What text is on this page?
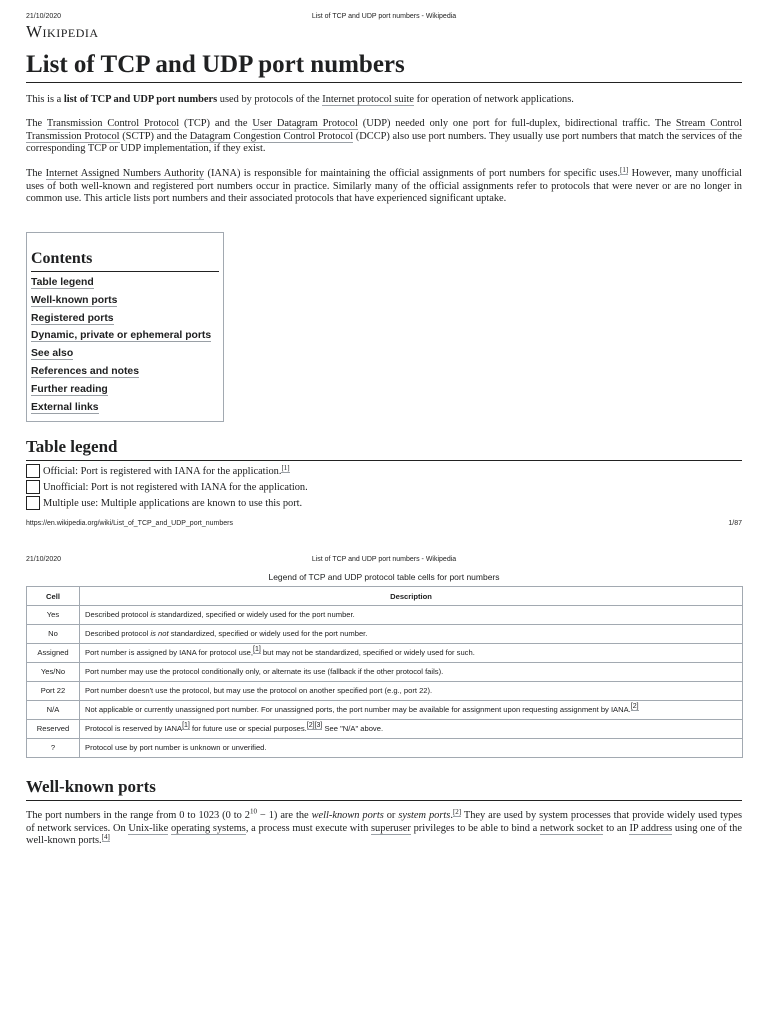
21/10/2020	List of TCP and UDP port numbers - Wikipedia
Wikipedia
List of TCP and UDP port numbers

This is a list of TCP and UDP port numbers used by protocols of the Internet protocol suite for operation of network applications.

The Transmission Control Protocol (TCP) and the User Datagram Protocol (UDP) needed only one port for full-duplex, bidirectional traffic. The Stream Control Transmission Protocol (SCTP) and the Datagram Congestion Control Protocol (DCCP) also use port numbers. They usually use port numbers that match the services of the corresponding TCP or UDP implementation, if they exist.

The Internet Assigned Numbers Authority (IANA) is responsible for maintaining the official assignments of port numbers for specific uses.[1] However, many unofficial uses of both well-known and registered port numbers occur in practice. Similarly many of the official assignments refer to protocols that were never or are no longer in common use. This article lists port numbers and their associated protocols that have experienced significant uptake.

Contents
Table legend
Well-known ports
Registered ports
Dynamic, private or ephemeral ports
See also
References and notes
Further reading
External links
Table legend
Official: Port is registered with IANA for the application.[1]
Unofficial: Port is not registered with IANA for the application.
Multiple use: Multiple applications are known to use this port.
https://en.wikipedia.org/wiki/List_of_TCP_and_UDP_port_numbers	1/87
21/10/2020	List of TCP and UDP port numbers - Wikipedia
Legend of TCP and UDP protocol table cells for port numbers
Cell	Description
Yes	Described protocol is standardized, specified or widely used for the port number.
No	Described protocol is not standardized, specified or widely used for the port number.
Assigned	Port number is assigned by IANA for protocol use,[1] but may not be standardized, specified or widely used for such.
Yes/No	Port number may use the protocol conditionally only, or alternate its use (fallback if the other protocol fails).
Port 22	Port number doesn't use the protocol, but may use the protocol on another specified port (e.g., port 22).
N/A	Not applicable or currently unassigned port number. For unassigned ports, the port number may be available for assignment upon requesting assignment by IANA.[2]
Reserved	Protocol is reserved by IANA[1] for future use or special purposes.[2][3] See "N/A" above.
?	Protocol use by port number is unknown or unverified.
Well-known ports

The port numbers in the range from 0 to 1023 (0 to $2^{10} - 1$) are the well-known ports or system ports.[2] They are used by system processes that provide widely used types of network services. On Unix-like operating systems, a process must execute with superuser privileges to be able to bind a network socket to an IP address using one of the well-known ports.[4]
